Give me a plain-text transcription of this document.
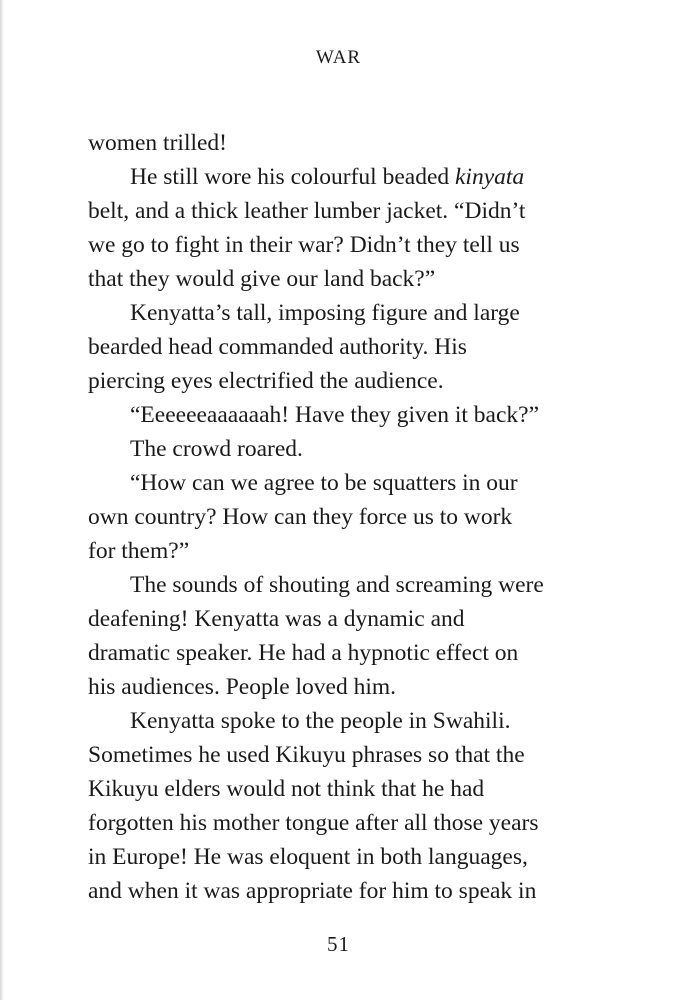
WAR
women trilled!
He still wore his colourful beaded kinyata
belt, and a thick leather lumber jacket. “Didn’t
we go to fight in their war? Didn’t they tell us
that they would give our land back?”
Kenyatta’s tall, imposing figure and large
bearded head commanded authority. His
piercing eyes electrified the audience.
“Eeeeeeaaaaaah! Have they given it back?”
The crowd roared.
“How can we agree to be squatters in our
own country? How can they force us to work
for them?”
The sounds of shouting and screaming were
deafening! Kenyatta was a dynamic and
dramatic speaker. He had a hypnotic effect on
his audiences. People loved him.
Kenyatta spoke to the people in Swahili.
Sometimes he used Kikuyu phrases so that the
Kikuyu elders would not think that he had
forgotten his mother tongue after all those years
in Europe! He was eloquent in both languages,
and when it was appropriate for him to speak in
51
